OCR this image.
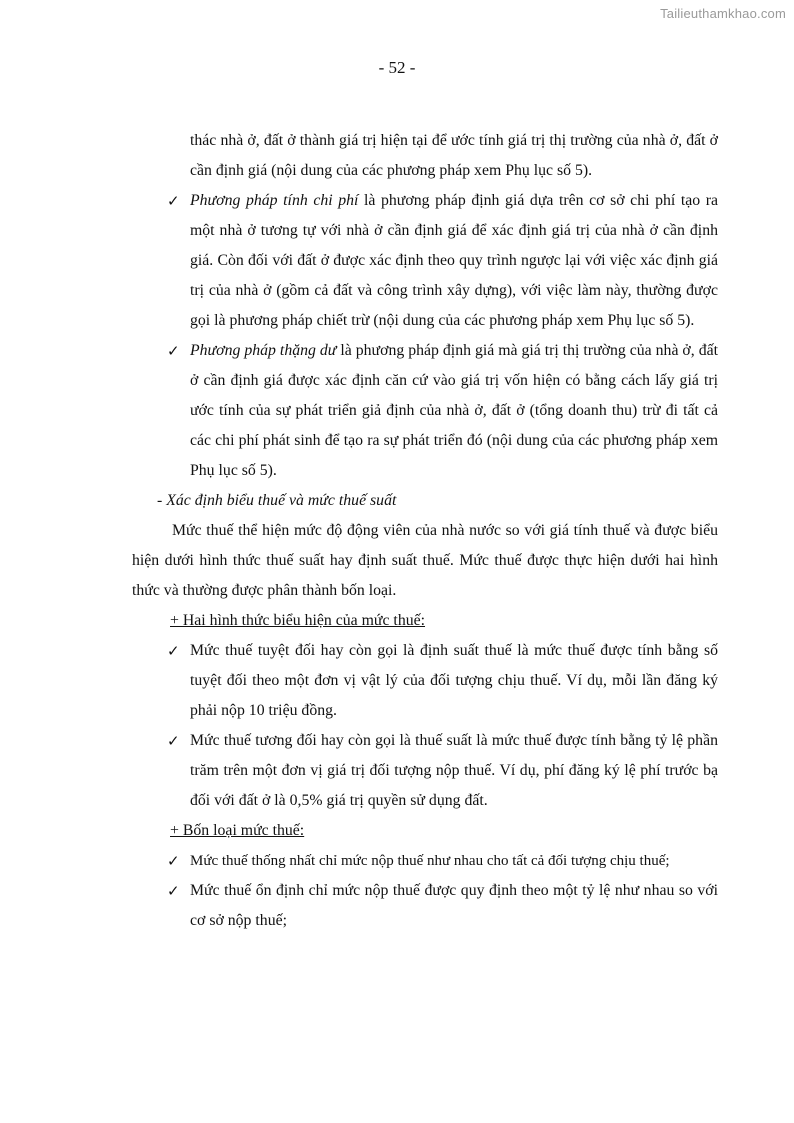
Tailieuthamkhao.com
- 52 -

thác nhà ở, đất ở thành giá trị hiện tại để ước tính giá trị thị trường của nhà ở, đất ở cần định giá (nội dung của các phương pháp xem Phụ lục số 5).

✓ Phương pháp tính chi phí là phương pháp định giá dựa trên cơ sở chi phí tạo ra một nhà ở tương tự với nhà ở cần định giá để xác định giá trị của nhà ở cần định giá. Còn đối với đất ở được xác định theo quy trình ngược lại với việc xác định giá trị của nhà ở (gồm cả đất và công trình xây dựng), với việc làm này, thường được gọi là phương pháp chiết trừ (nội dung của các phương pháp xem Phụ lục số 5).
✓ Phương pháp thặng dư là phương pháp định giá mà giá trị thị trường của nhà ở, đất ở cần định giá được xác định căn cứ vào giá trị vốn hiện có bằng cách lấy giá trị ước tính của sự phát triển giả định của nhà ở, đất ở (tổng doanh thu) trừ đi tất cả các chi phí phát sinh để tạo ra sự phát triển đó (nội dung của các phương pháp xem Phụ lục số 5).
- Xác định biểu thuế và mức thuế suất

Mức thuế thể hiện mức độ động viên của nhà nước so với giá tính thuế và được biểu hiện dưới hình thức thuế suất hay định suất thuế. Mức thuế được thực hiện dưới hai hình thức và thường được phân thành bốn loại.

+ Hai hình thức biểu hiện của mức thuế:
✓ Mức thuế tuyệt đối hay còn gọi là định suất thuế là mức thuế được tính bằng số tuyệt đối theo một đơn vị vật lý của đối tượng chịu thuế. Ví dụ, mỗi lần đăng ký phải nộp 10 triệu đồng.
✓ Mức thuế tương đối hay còn gọi là thuế suất là mức thuế được tính bằng tỷ lệ phần trăm trên một đơn vị giá trị đối tượng nộp thuế. Ví dụ, phí đăng ký lệ phí trước bạ đối với đất ở là 0,5% giá trị quyền sử dụng đất.
+ Bốn loại mức thuế:
✓ Mức thuế thống nhất chỉ mức nộp thuế như nhau cho tất cả đối tượng chịu thuế;
✓ Mức thuế ổn định chỉ mức nộp thuế được quy định theo một tỷ lệ như nhau so với cơ sở nộp thuế;
